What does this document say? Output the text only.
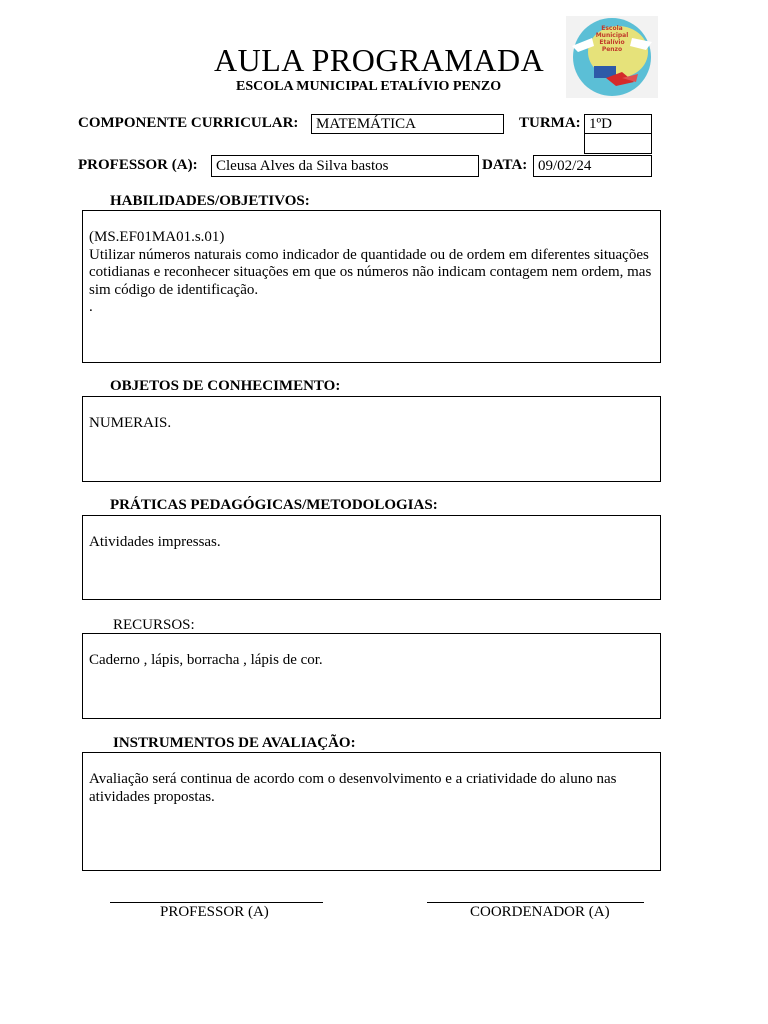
AULA PROGRAMADA
ESCOLA MUNICIPAL ETALÍVIO PENZO
Escola
Municipal
Etalívio
Penzo
COMPONENTE CURRICULAR:	MATEMÁTICA	TURMA: 1ºD
PROFESSOR (A):	Cleusa Alves da Silva bastos	DATA: 09/02/24
HABILIDADES/OBJETIVOS:

(MS.EF01MA01.s.01)

Utilizar números naturais como indicador de quantidade ou de ordem em diferentes situações cotidianas e reconhecer situações em que os números não indicam contagem nem ordem, mas sim código de identificação.

.

OBJETOS DE CONHECIMENTO:

NUMERAIS.

PRÁTICAS PEDAGÓGICAS/METODOLOGIAS:

Atividades impressas.

RECURSOS:

Caderno , lápis, borracha , lápis de cor.

INSTRUMENTOS DE AVALIAÇÃO:

Avaliação será continua de acordo com o desenvolvimento e a criatividade do aluno nas atividades propostas.

PROFESSOR (A)	COORDENADOR (A)
